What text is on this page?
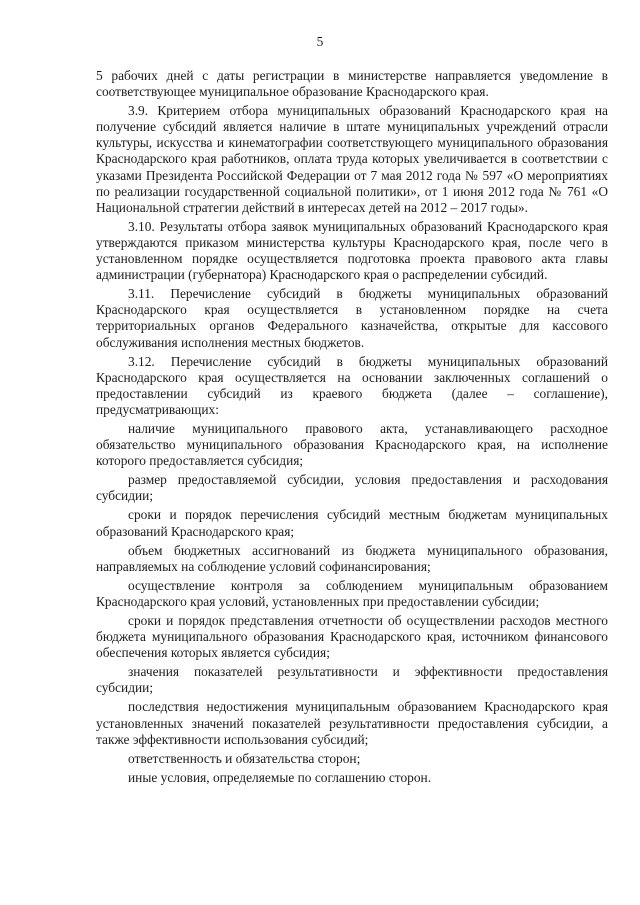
5

5 рабочих дней с даты регистрации в министерстве направляется уведомление в соответствующее муниципальное образование Краснодарского края.

3.9. Критерием отбора муниципальных образований Краснодарского края на получение субсидий является наличие в штате муниципальных учреждений отрасли культуры, искусства и кинематографии соответствующего муниципального образования Краснодарского края работников, оплата труда которых увеличивается в соответствии с указами Президента Российской Федерации от 7 мая 2012 года № 597 «О мероприятиях по реализации государственной социальной политики», от 1 июня 2012 года № 761 «О Национальной стратегии действий в интересах детей на 2012 – 2017 годы».

3.10. Результаты отбора заявок муниципальных образований Краснодарского края утверждаются приказом министерства культуры Краснодарского края, после чего в установленном порядке осуществляется подготовка проекта правового акта главы администрации (губернатора) Краснодарского края о распределении субсидий.

3.11. Перечисление субсидий в бюджеты муниципальных образований Краснодарского края осуществляется в установленном порядке на счета территориальных органов Федерального казначейства, открытые для кассового обслуживания исполнения местных бюджетов.

3.12. Перечисление субсидий в бюджеты муниципальных образований Краснодарского края осуществляется на основании заключенных соглашений о предоставлении субсидий из краевого бюджета (далее – соглашение), предусматривающих:

наличие муниципального правового акта, устанавливающего расходное обязательство муниципального образования Краснодарского края, на исполнение которого предоставляется субсидия;

размер предоставляемой субсидии, условия предоставления и расходования субсидии;

сроки и порядок перечисления субсидий местным бюджетам муниципальных образований Краснодарского края;

объем бюджетных ассигнований из бюджета муниципального образования, направляемых на соблюдение условий софинансирования;

осуществление контроля за соблюдением муниципальным образованием Краснодарского края условий, установленных при предоставлении субсидии;

сроки и порядок представления отчетности об осуществлении расходов местного бюджета муниципального образования Краснодарского края, источником финансового обеспечения которых является субсидия;

значения показателей результативности и эффективности предоставления субсидии;

последствия недостижения муниципальным образованием Краснодарского края установленных значений показателей результативности предоставления субсидии, а также эффективности использования субсидий;

ответственность и обязательства сторон;

иные условия, определяемые по соглашению сторон.
